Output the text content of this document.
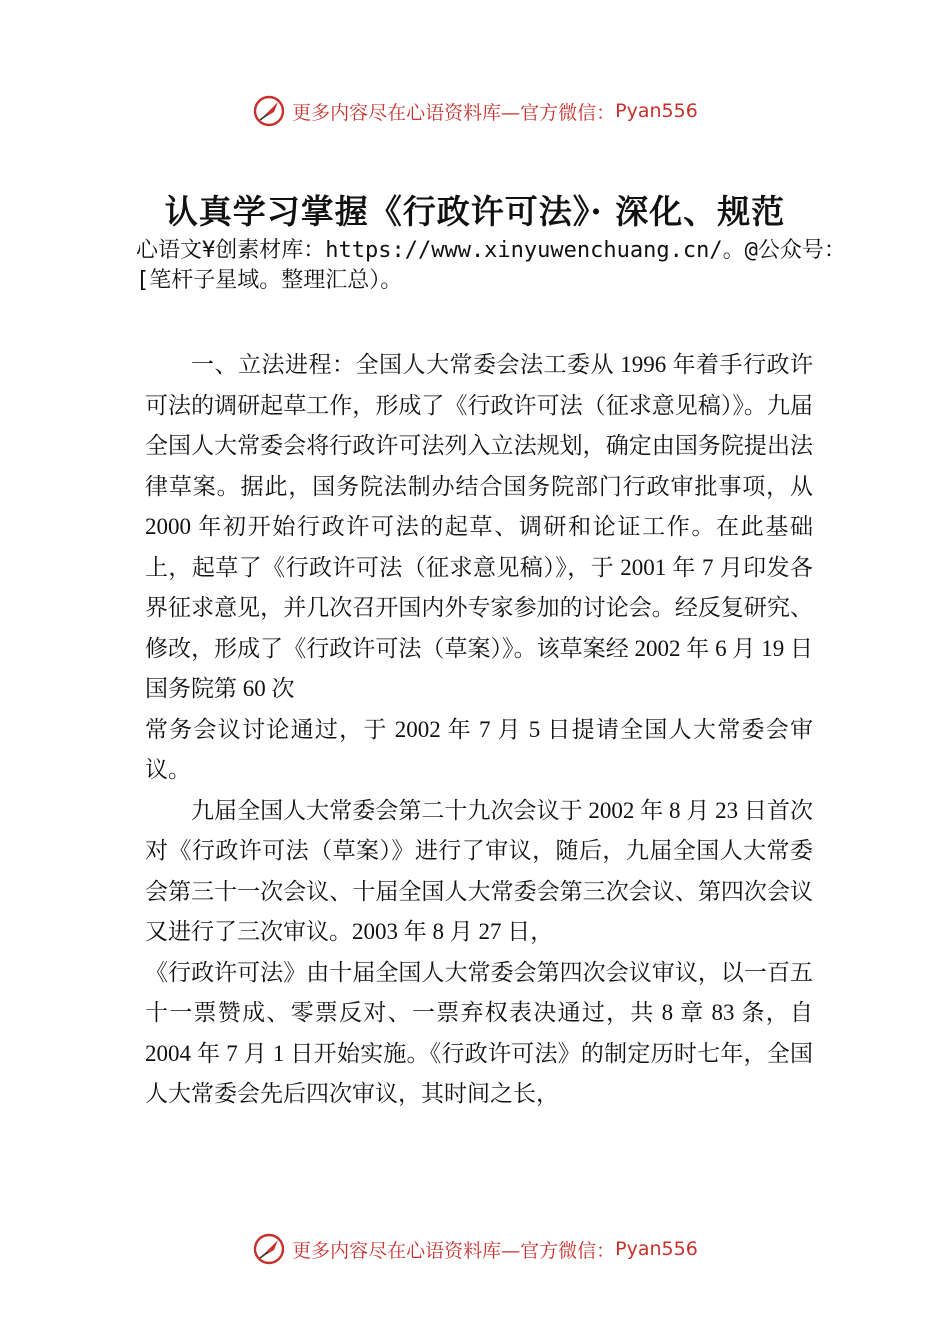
更多内容尽在心语资料库—官方微信： Pyan556
认真学习掌握《行政许可法》· 深化、规范
心语文¥创素材库：https://www.xinyuwenchuang.cn/。@公众号：[笔杆子星域。整理汇总）。

一、立法进程：全国人大常委会法工委从 1996 年着手行政许可法的调研起草工作，形成了《行政许可法（征求意见稿）》。九届全国人大常委会将行政许可法列入立法规划，确定由国务院提出法律草案。据此，国务院法制办结合国务院部门行政审批事项，从 2000 年初开始行政许可法的起草、调研和论证工作。在此基础上，起草了《行政许可法（征求意见稿）》，于 2001 年 7 月印发各界征求意见，并几次召开国内外专家参加的讨论会。经反复研究、修改，形成了《行政许可法（草案）》。该草案经 2002 年 6 月 19 日国务院第 60 次

常务会议讨论通过，于 2002 年 7 月 5 日提请全国人大常委会审议。

九届全国人大常委会第二十九次会议于 2002 年 8 月 23 日首次对《行政许可法（草案）》进行了审议，随后，九届全国人大常委会第三十一次会议、十届全国人大常委会第三次会议、第四次会议又进行了三次审议。2003 年 8 月 27 日，

《行政许可法》由十届全国人大常委会第四次会议审议，以一百五十一票赞成、零票反对、一票弃权表决通过，共 8 章 83 条，自 2004 年 7 月 1 日开始实施。《行政许可法》的制定历时七年，全国人大常委会先后四次审议，其时间之长，

更多内容尽在心语资料库—官方微信： Pyan556
